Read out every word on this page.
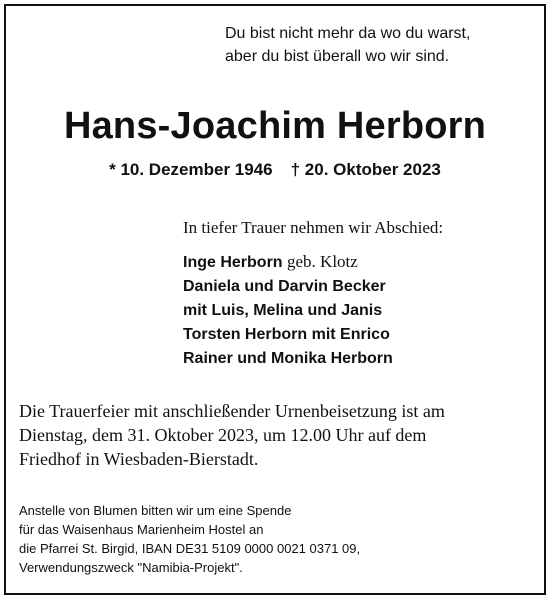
Du bist nicht mehr da wo du warst,
aber du bist überall wo wir sind.
Hans-Joachim Herborn
* 10. Dezember 1946 † 20. Oktober 2023
In tiefer Trauer nehmen wir Abschied:
Inge Herborn geb. Klotz
Daniela und Darvin Becker
mit Luis, Melina und Janis
Torsten Herborn mit Enrico
Rainer und Monika Herborn
Die Trauerfeier mit anschließender Urnenbeisetzung ist am
Dienstag, dem 31. Oktober 2023, um 12.00 Uhr auf dem
Friedhof in Wiesbaden-Bierstadt.
Anstelle von Blumen bitten wir um eine Spende
für das Waisenhaus Marienheim Hostel an
die Pfarrei St. Birgid, IBAN DE31 5109 0000 0021 0371 09,
Verwendungszweck "Namibia-Projekt".
